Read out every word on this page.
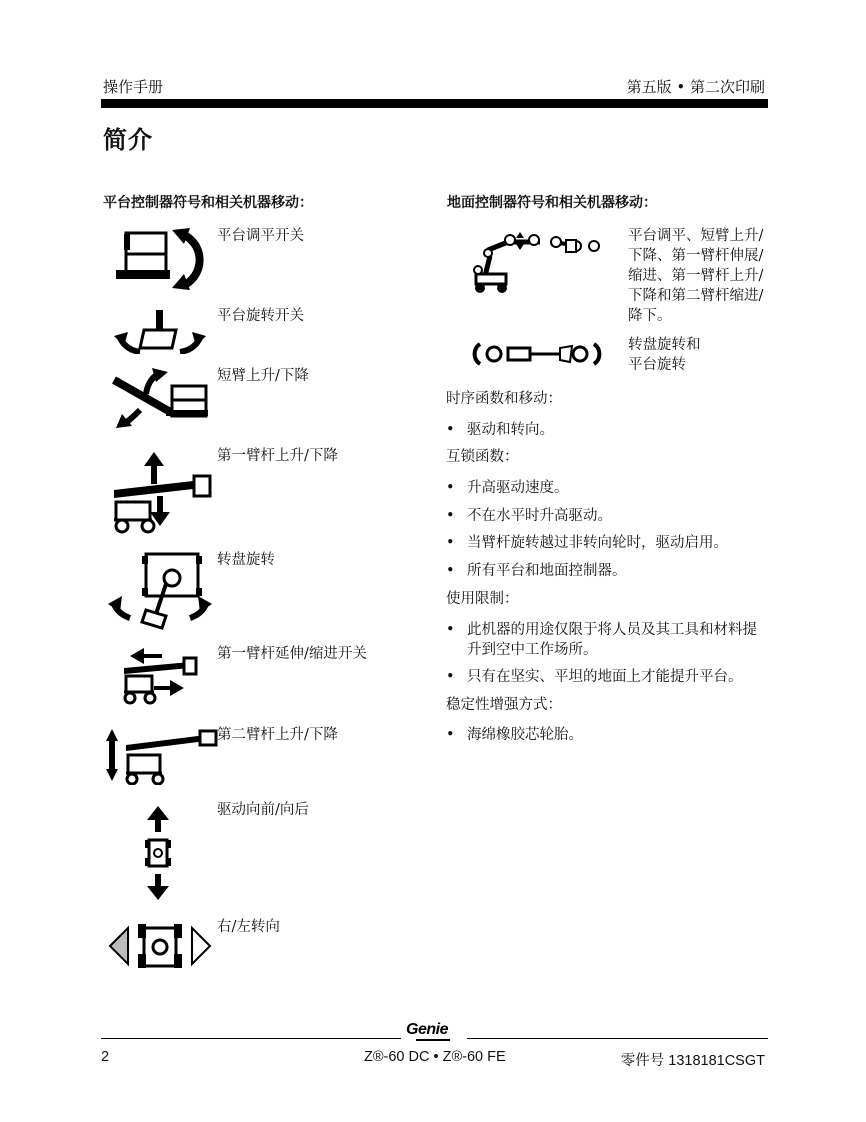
操作手册	第五版 • 第二次印刷
简介
平台控制器符号和相关机器移动：
平台调平开关
平台旋转开关
短臂上升/下降
第一臂杆上升/下降
转盘旋转
第一臂杆延伸/缩进开关
第二臂杆上升/下降
驱动向前/向后
右/左转向
地面控制器符号和相关机器移动：
平台调平、短臂上升/
下降、第一臂杆伸展/
缩进、第一臂杆上升/
下降和第二臂杆缩进/
降下。
转盘旋转和
平台旋转
时序函数和移动：
• 驱动和转向。
互锁函数：
• 升高驱动速度。
• 不在水平时升高驱动。
• 当臂杆旋转越过非转向轮时，驱动启用。
• 所有平台和地面控制器。
使用限制：
• 此机器的用途仅限于将人员及其工具和材料提升到空中工作场所。
• 只有在坚实、平坦的地面上才能提升平台。
稳定性增强方式：
• 海绵橡胶芯轮胎。
Genie
2	Z®-60 DC • Z®-60 FE	零件号 1318181CSGT
